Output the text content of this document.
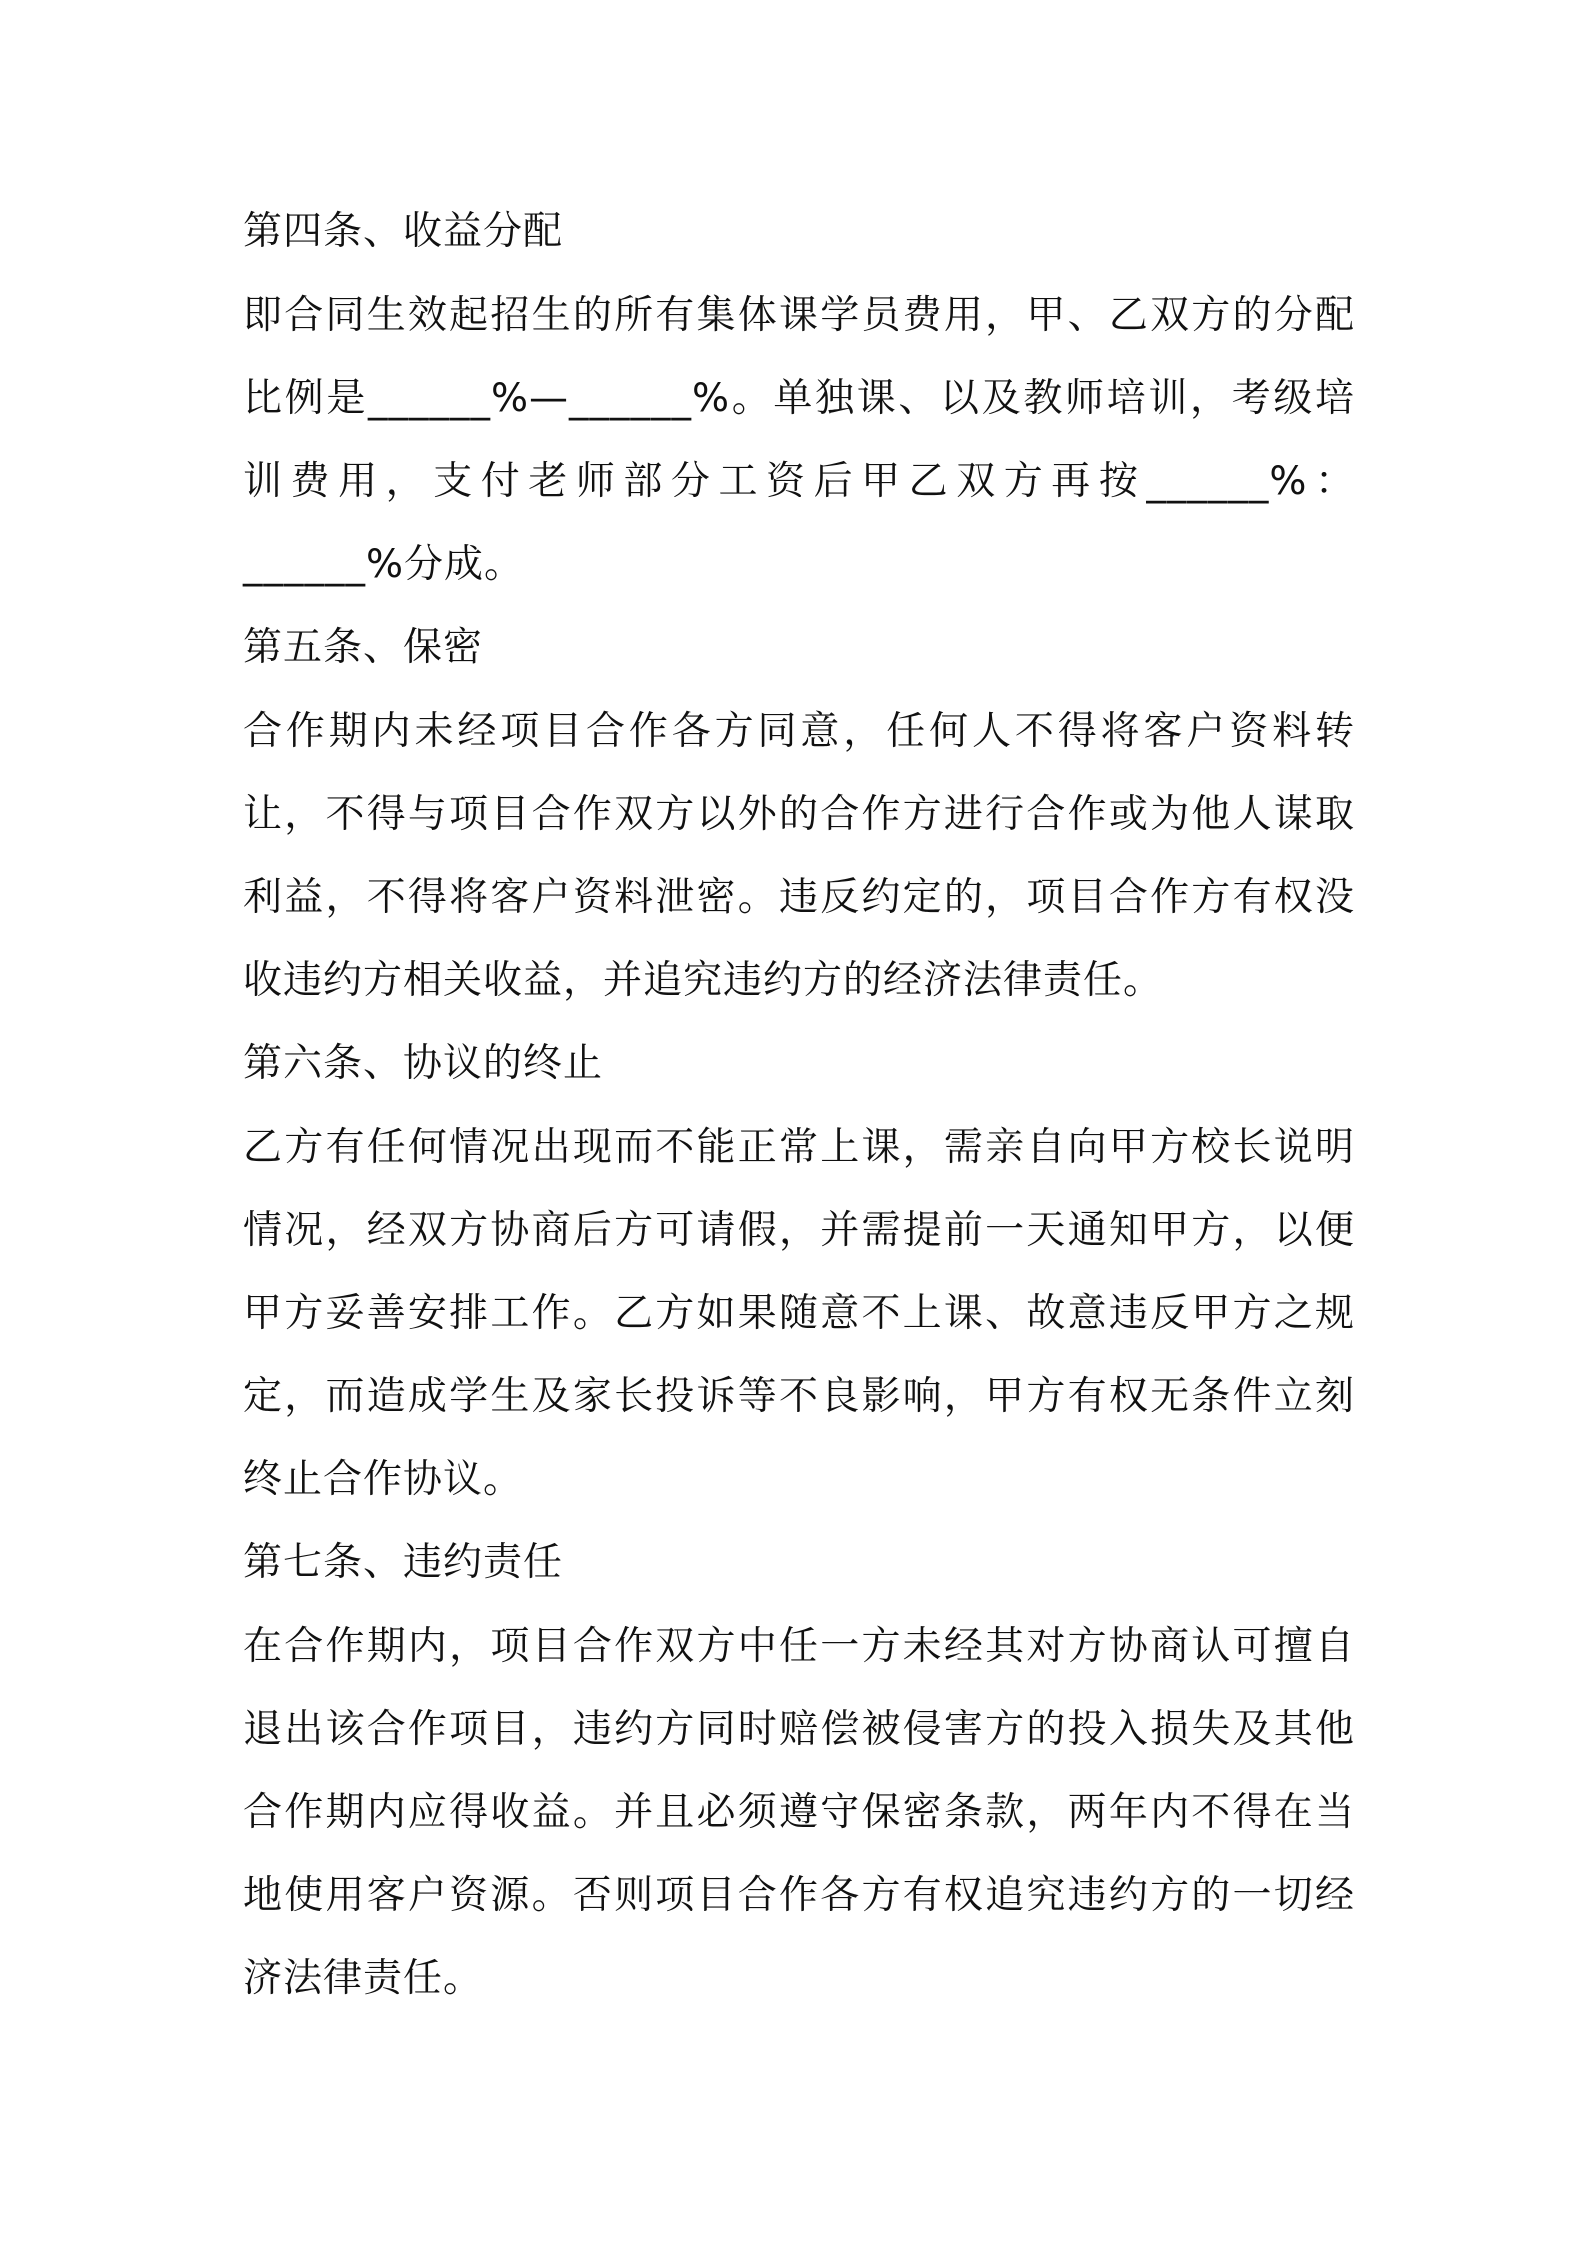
第四条、收益分配

即合同生效起招生的所有集体课学员费用，甲、乙双方的分配比例是______%—______%。单独课、以及教师培训，考级培训费用，支付老师部分工资后甲乙双方再按______%：______%分成。

第五条、保密

合作期内未经项目合作各方同意，任何人不得将客户资料转让，不得与项目合作双方以外的合作方进行合作或为他人谋取利益，不得将客户资料泄密。违反约定的，项目合作方有权没收违约方相关收益，并追究违约方的经济法律责任。

第六条、协议的终止

乙方有任何情况出现而不能正常上课，需亲自向甲方校长说明情况，经双方协商后方可请假，并需提前一天通知甲方，以便甲方妥善安排工作。乙方如果随意不上课、故意违反甲方之规定，而造成学生及家长投诉等不良影响，甲方有权无条件立刻终止合作协议。

第七条、违约责任

在合作期内，项目合作双方中任一方未经其对方协商认可擅自退出该合作项目，违约方同时赔偿被侵害方的投入损失及其他合作期内应得收益。并且必须遵守保密条款，两年内不得在当地使用客户资源。否则项目合作各方有权追究违约方的一切经济法律责任。
